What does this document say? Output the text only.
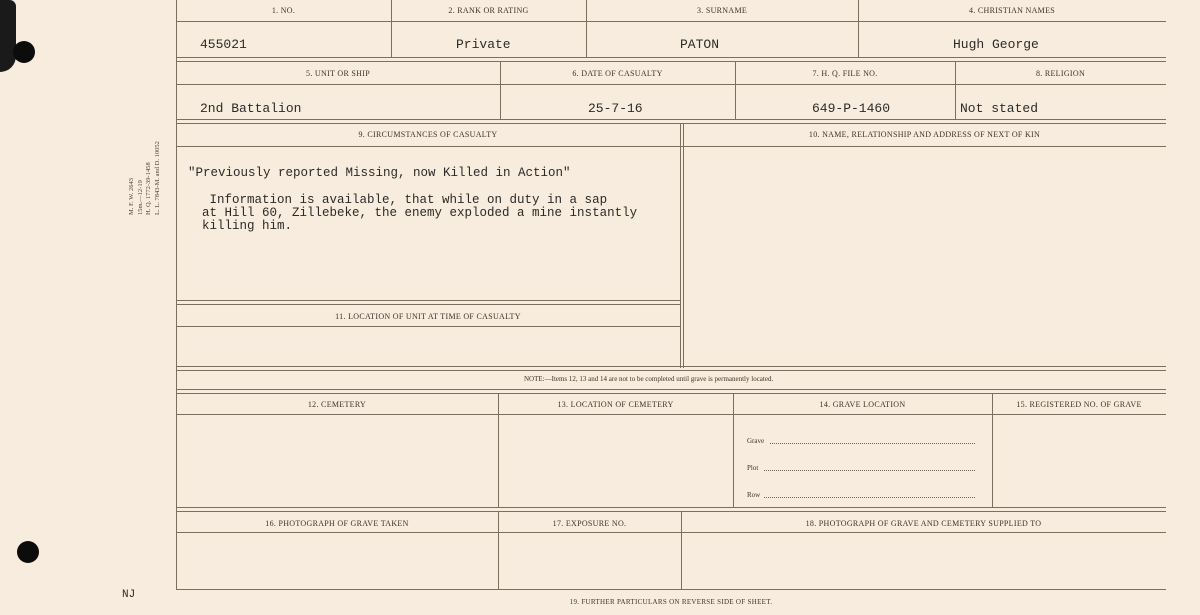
M. F. W. 2643 15m.—12-19 H. Q. 1772-39-1458 L. L. 7843-M. and D. 10052
1. NO.	2. RANK OR RATING	3. SURNAME	4. CHRISTIAN NAMES
455021	Private	PATON	Hugh George
5. UNIT OR SHIP	6. DATE OF CASUALTY	7. H. Q. FILE NO.	8. RELIGION
2nd Battalion	25-7-16	649-P-1460	Not stated
9. CIRCUMSTANCES OF CASUALTY	10. NAME, RELATIONSHIP AND ADDRESS OF NEXT OF KIN
"Previously reported Missing, now Killed in Action"
Information is available, that while on duty in a sap
at Hill 60, Zillebeke, the enemy exploded a mine instantly
killing him.
11. LOCATION OF UNIT AT TIME OF CASUALTY
NOTE:—Items 12, 13 and 14 are not to be completed until grave is permanently located.
12. CEMETERY	13. LOCATION OF CEMETERY	14. GRAVE LOCATION	15. REGISTERED NO. OF GRAVE
Grave
Plot
Row
16. PHOTOGRAPH OF GRAVE TAKEN	17. EXPOSURE NO.	18. PHOTOGRAPH OF GRAVE AND CEMETERY SUPPLIED TO
NJ
19. FURTHER PARTICULARS ON REVERSE SIDE OF SHEET.
